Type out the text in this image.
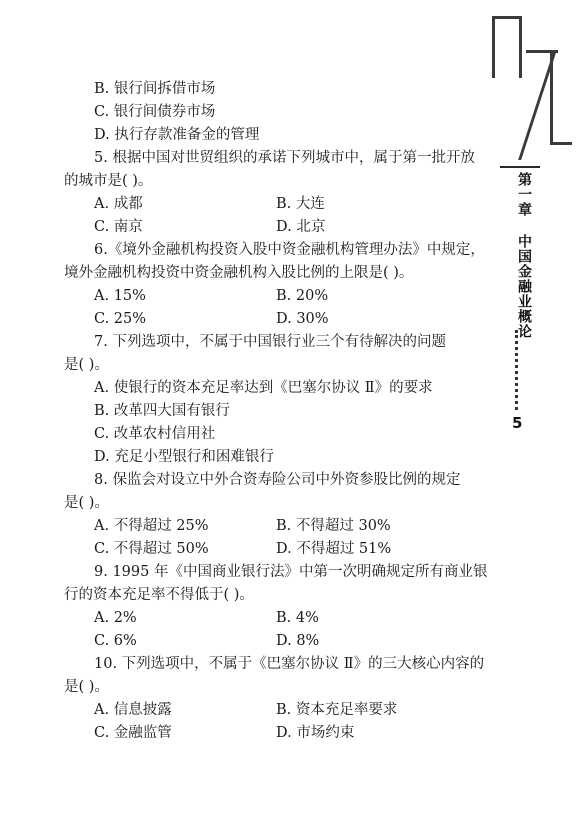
第一章 中国金融业概论
5
B. 银行间拆借市场
C. 银行间债券市场
D. 执行存款准备金的管理
5. 根据中国对世贸组织的承诺下列城市中，属于第一批开放
的城市是( )。
A. 成都	B. 大连
C. 南京	D. 北京
6.《境外金融机构投资入股中资金融机构管理办法》中规定，
境外金融机构投资中资金融机构入股比例的上限是( )。
A. 15%	B. 20%
C. 25%	D. 30%
7. 下列选项中，不属于中国银行业三个有待解决的问题
是( )。
A. 使银行的资本充足率达到《巴塞尔协议 Ⅱ》的要求
B. 改革四大国有银行
C. 改革农村信用社
D. 充足小型银行和困难银行
8. 保监会对设立中外合资寿险公司中外资参股比例的规定
是( )。
A. 不得超过 25%	B. 不得超过 30%
C. 不得超过 50%	D. 不得超过 51%
9. 1995 年《中国商业银行法》中第一次明确规定所有商业银
行的资本充足率不得低于( )。
A. 2%	B. 4%
C. 6%	D. 8%
10. 下列选项中，不属于《巴塞尔协议 Ⅱ》的三大核心内容的
是( )。
A. 信息披露	B. 资本充足率要求
C. 金融监管	D. 市场约束
